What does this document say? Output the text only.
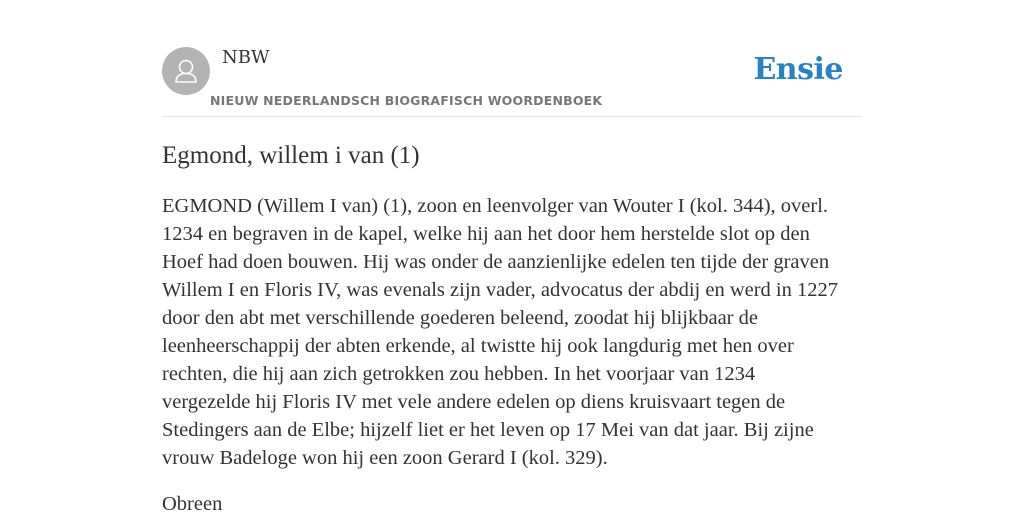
NBW
NIEUW NEDERLANDSCH BIOGRAFISCH WOORDENBOEK
Ensie
Egmond, willem i van (1)
EGMOND (Willem I van) (1), zoon en leenvolger van Wouter I (kol. 344), overl.
1234 en begraven in de kapel, welke hij aan het door hem herstelde slot op den
Hoef had doen bouwen. Hij was onder de aanzienlijke edelen ten tijde der graven
Willem I en Floris IV, was evenals zijn vader, advocatus der abdij en werd in 1227
door den abt met verschillende goederen beleend, zoodat hij blijkbaar de
leenheerschappij der abten erkende, al twistte hij ook langdurig met hen over
rechten, die hij aan zich getrokken zou hebben. In het voorjaar van 1234
vergezelde hij Floris IV met vele andere edelen op diens kruisvaart tegen de
Stedingers aan de Elbe; hijzelf liet er het leven op 17 Mei van dat jaar. Bij zijne
vrouw Badeloge won hij een zoon Gerard I (kol. 329).
Obreen
